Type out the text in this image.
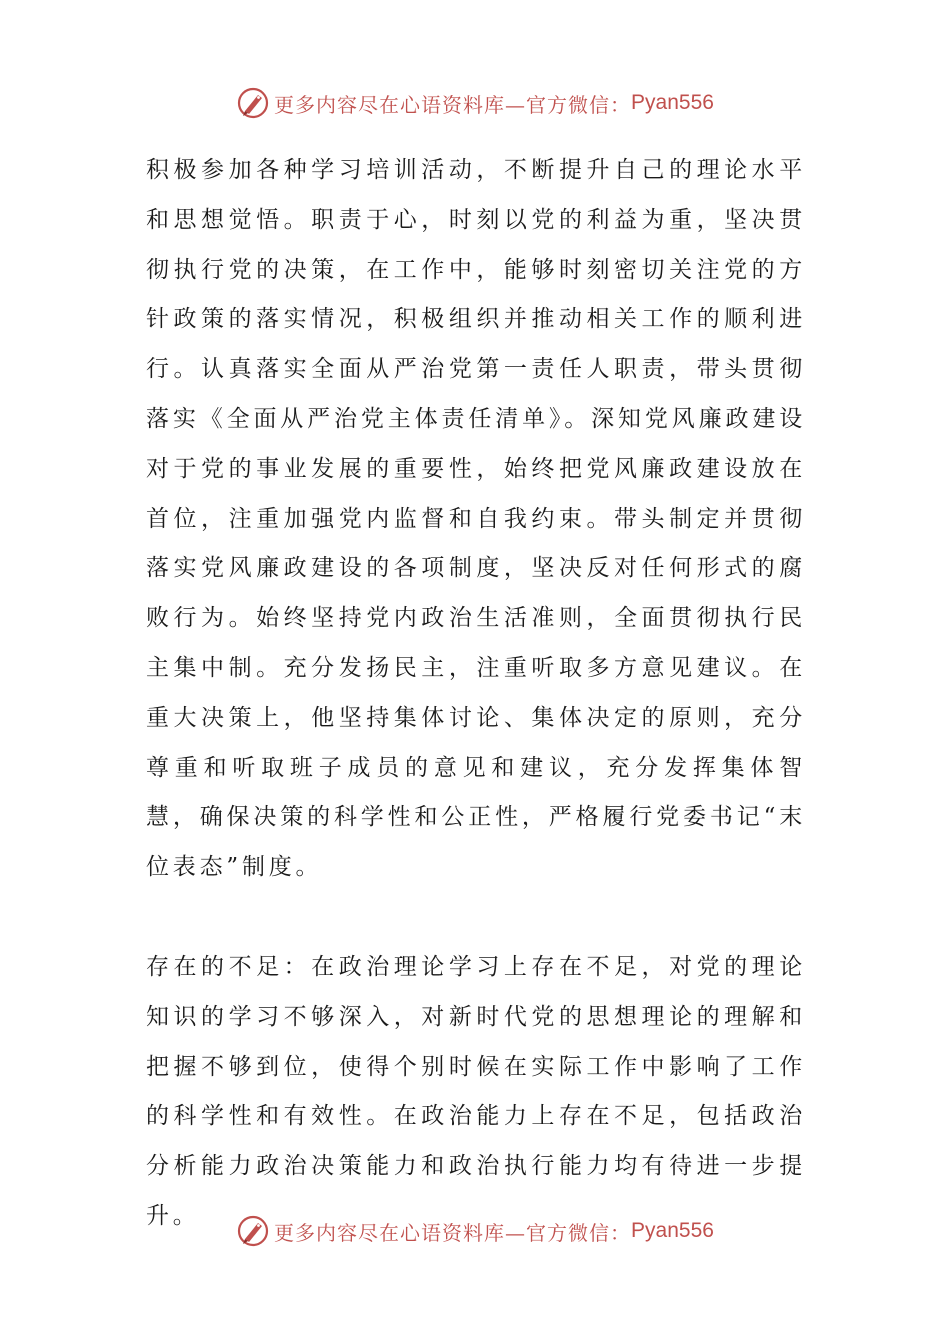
更多内容尽在心语资料库—官方微信： Pyan556

积极参加各种学习培训活动，不断提升自己的理论水平和思想觉悟。职责于心，时刻以党的利益为重，坚决贯彻执行党的决策，在工作中，能够时刻密切关注党的方针政策的落实情况，积极组织并推动相关工作的顺利进行。认真落实全面从严治党第一责任人职责，带头贯彻落实《全面从严治党主体责任清单》。深知党风廉政建设对于党的事业发展的重要性，始终把党风廉政建设放在首位，注重加强党内监督和自我约束。带头制定并贯彻落实党风廉政建设的各项制度，坚决反对任何形式的腐败行为。始终坚持党内政治生活准则，全面贯彻执行民主集中制。充分发扬民主，注重听取多方意见建议。在重大决策上，他坚持集体讨论、集体决定的原则，充分尊重和听取班子成员的意见和建议，充分发挥集体智慧，确保决策的科学性和公正性，严格履行党委书记“末位表态”制度。

存在的不足：在政治理论学习上存在不足，对党的理论知识的学习不够深入，对新时代党的思想理论的理解和把握不够到位，使得个别时候在实际工作中影响了工作的科学性和有效性。在政治能力上存在不足，包括政治分析能力政治决策能力和政治执行能力均有待进一步提升。

更多内容尽在心语资料库—官方微信： Pyan556
